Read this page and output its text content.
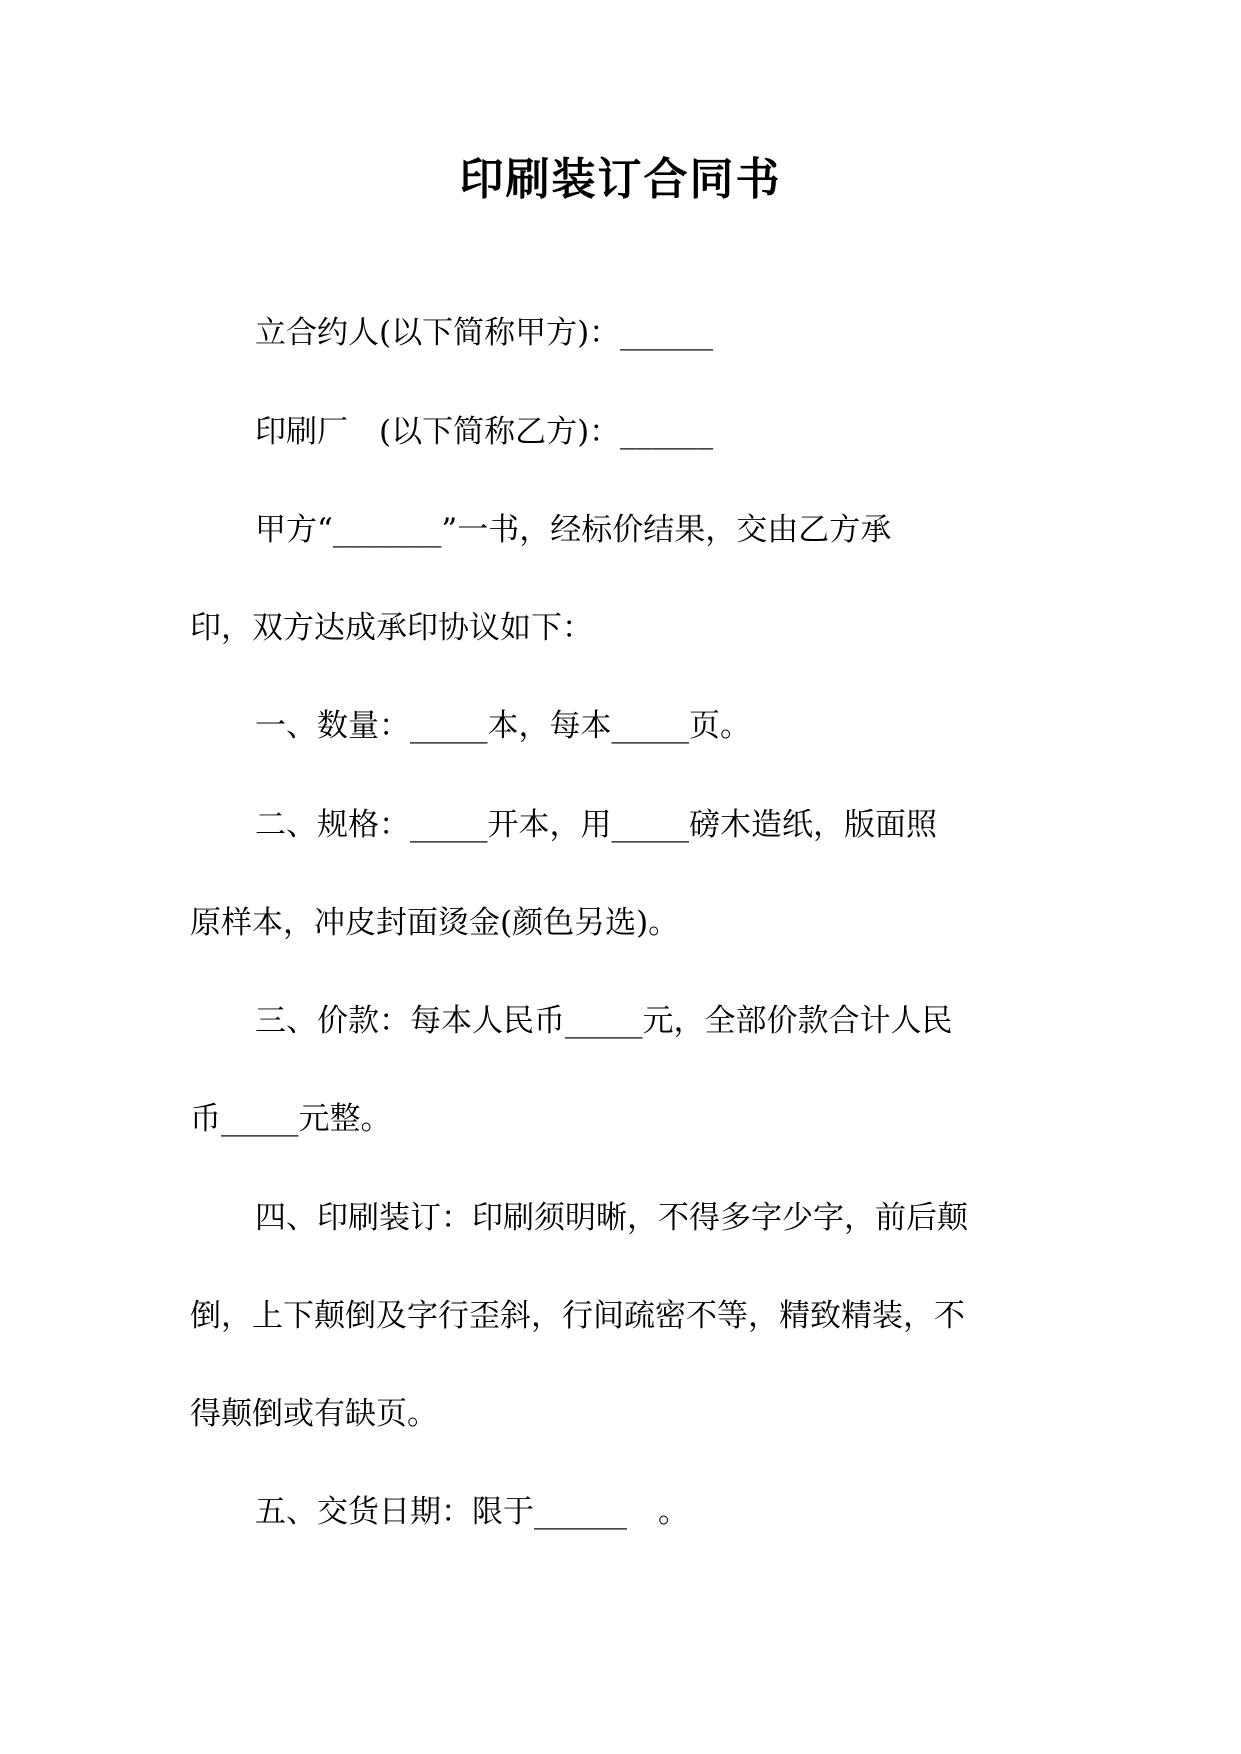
印刷装订合同书
立合约人(以下简称甲方)：______
印刷厂　(以下简称乙方)：______
甲方“_______”一书，经标价结果，交由乙方承
印，双方达成承印协议如下：
一、数量：_____本，每本_____页。
二、规格：_____开本，用_____磅木造纸，版面照
原样本，冲皮封面烫金(颜色另选)。
三、价款：每本人民币_____元，全部价款合计人民
币_____元整。
四、印刷装订：印刷须明晰，不得多字少字，前后颠
倒，上下颠倒及字行歪斜，行间疏密不等，精致精装，不
得颠倒或有缺页。
五、交货日期：限于______　。
